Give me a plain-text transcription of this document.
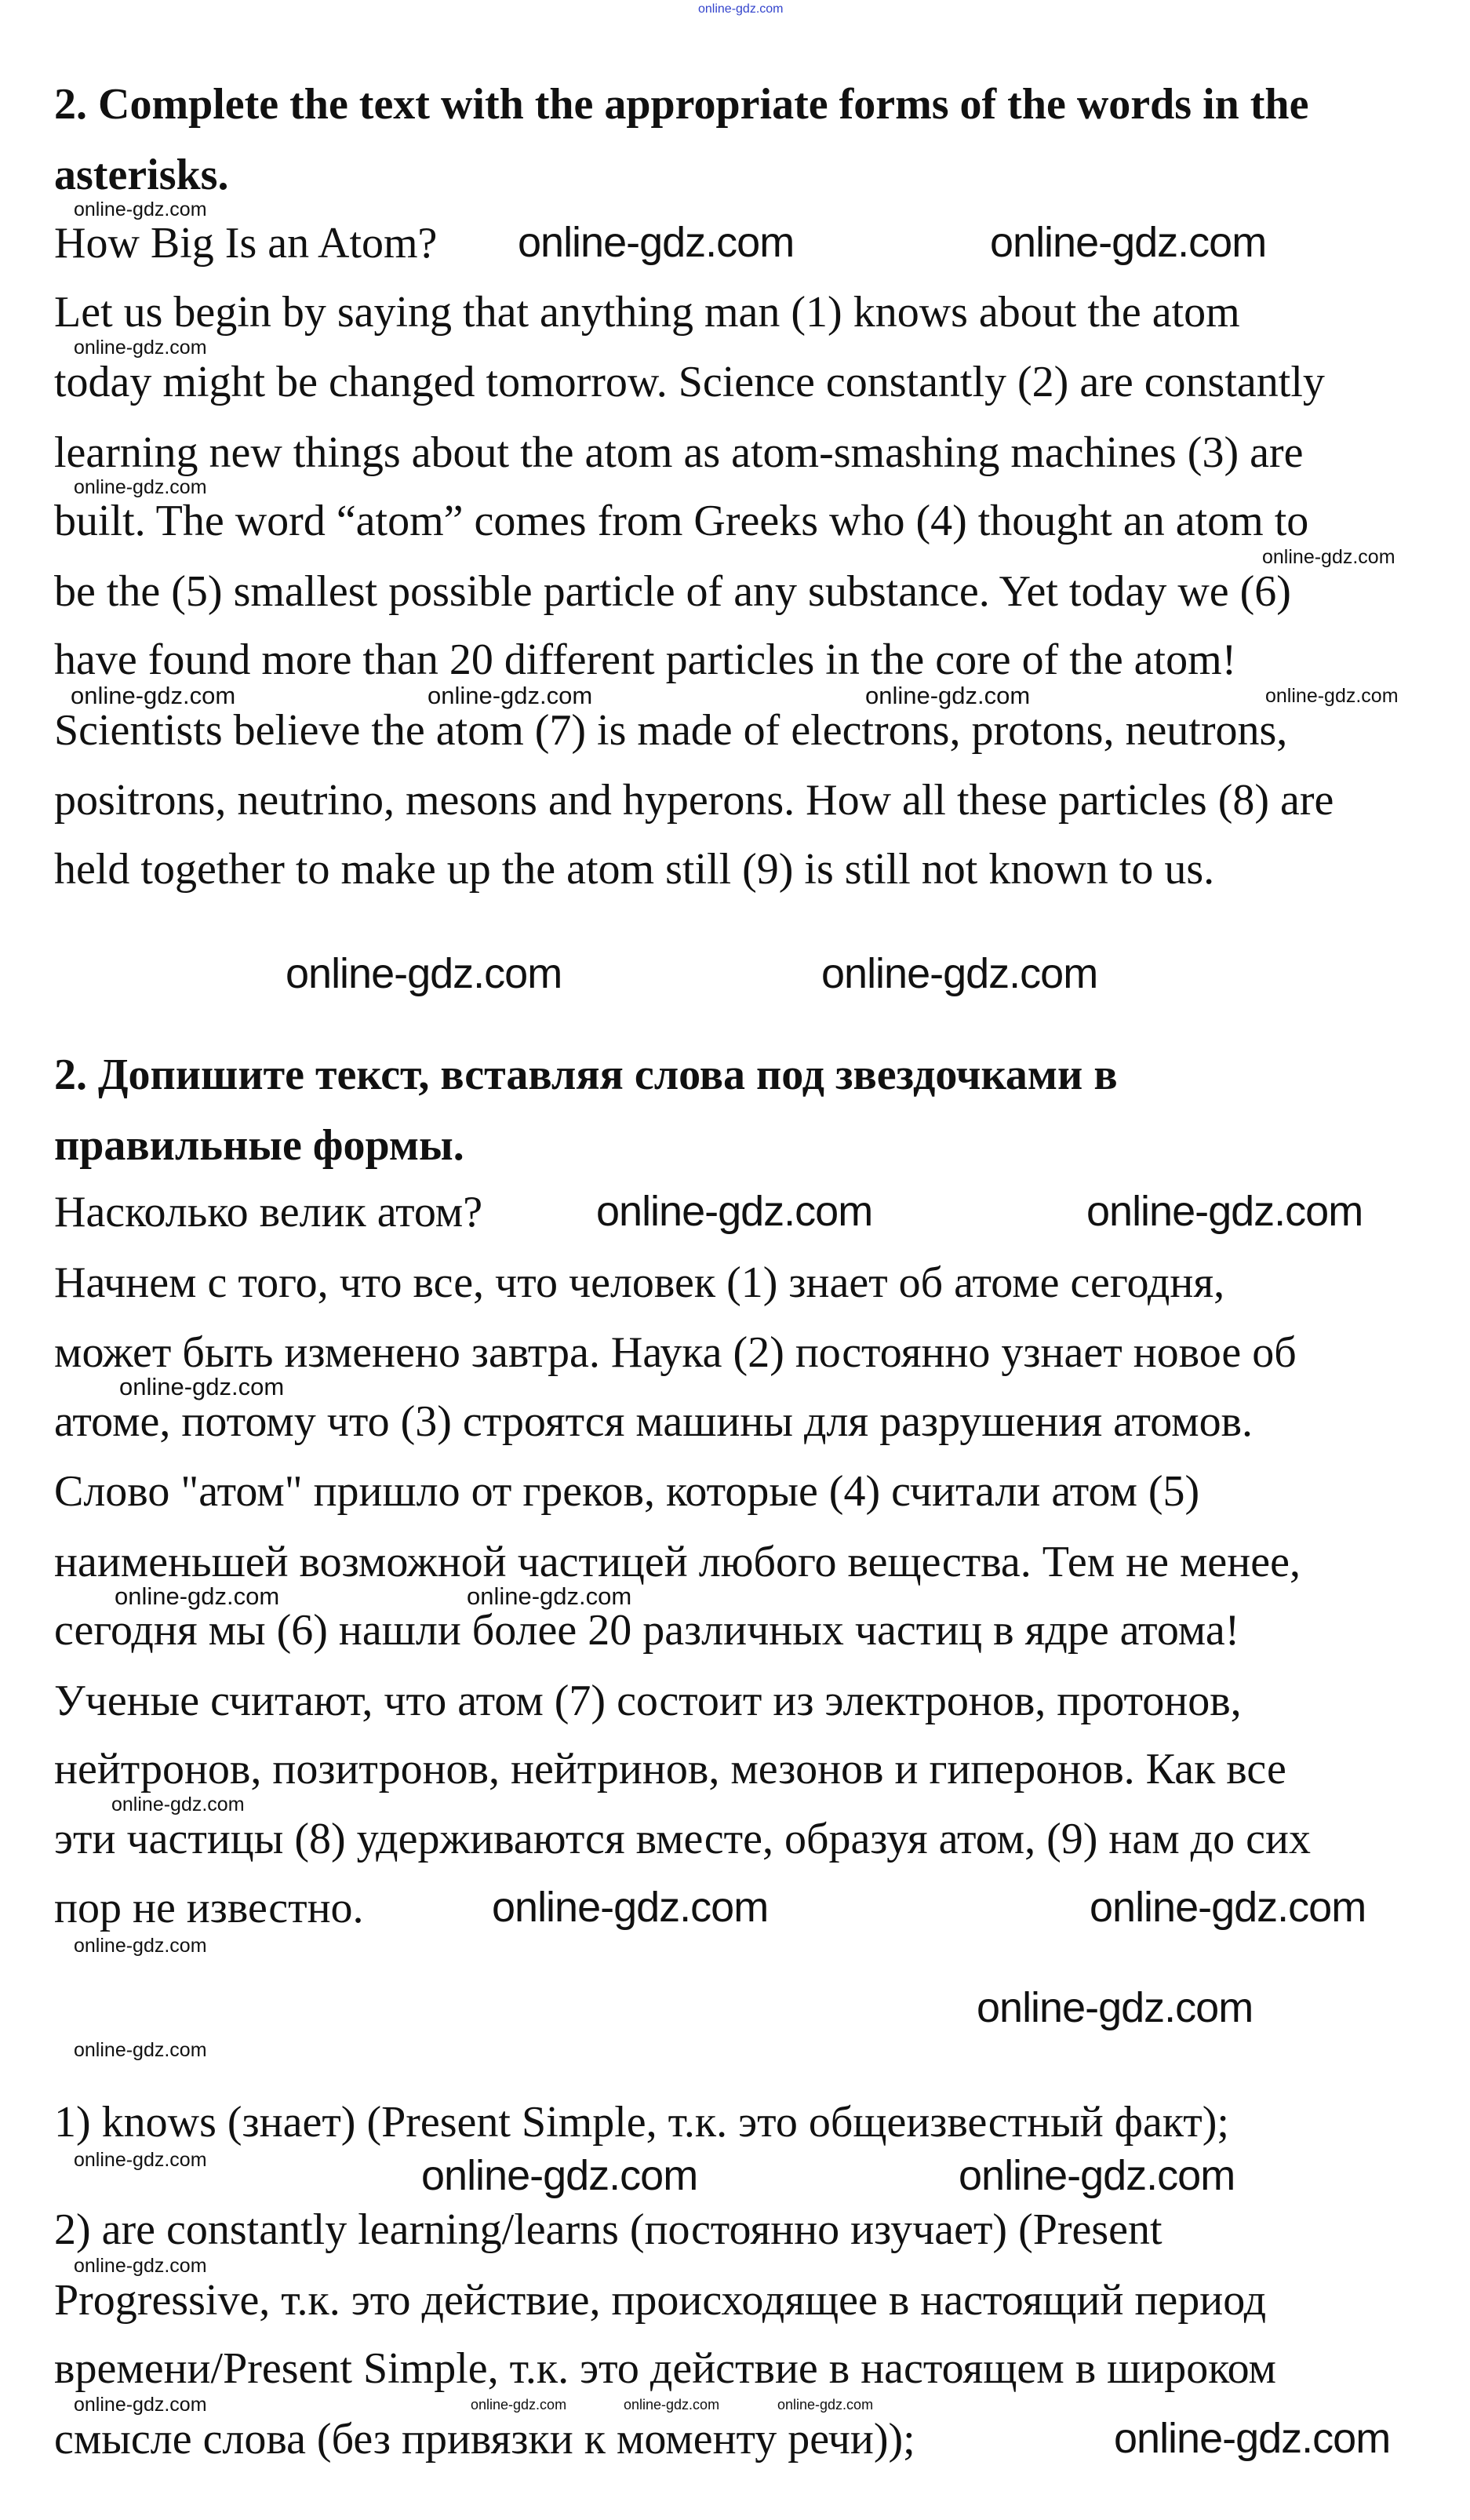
online-gdz.com
2. Complete the text with the appropriate forms of the words in the
asterisks.
How Big Is an Atom?
Let us begin by saying that anything man (1) knows about the atom
today might be changed tomorrow. Science constantly (2) are constantly
learning new things about the atom as atom-smashing machines (3) are
built. The word “atom” comes from Greeks who (4) thought an atom to
be the (5) smallest possible particle of any substance. Yet today we (6)
have found more than 20 different particles in the core of the atom!
Scientists believe the atom (7) is made of electrons, protons, neutrons,
positrons, neutrino, mesons and hyperons. How all these particles (8) are
held together to make up the atom still (9) is still not known to us.
2. Допишите текст, вставляя слова под звездочками в
правильные формы.
Насколько велик атом?
Начнем с того, что все, что человек (1) знает об атоме сегодня,
может быть изменено завтра. Наука (2) постоянно узнает новое об
атоме, потому что (3) строятся машины для разрушения атомов.
Слово "атом" пришло от греков, которые (4) считали атом (5)
наименьшей возможной частицей любого вещества. Тем не менее,
сегодня мы (6) нашли более 20 различных частиц в ядре атома!
Ученые считают, что атом (7) состоит из электронов, протонов,
нейтронов, позитронов, нейтринов, мезонов и гиперонов. Как все
эти частицы (8) удерживаются вместе, образуя атом, (9) нам до сих
пор не известно.
1) knows (знает) (Present Simple, т.к. это общеизвестный факт);
2) are constantly learning/learns (постоянно изучает) (Present
Progressive, т.к. это действие, происходящее в настоящий период
времени/Present Simple, т.к. это действие в настоящем в широком
смысле слова (без привязки к моменту речи));
online-gdz.com
online-gdz.com
online-gdz.com
online-gdz.com
online-gdz.com	online-gdz.com	online-gdz.com	online-gdz.com
online-gdz.com
online-gdz.com	online-gdz.com
online-gdz.com
online-gdz.com
online-gdz.com
online-gdz.com
online-gdz.com
online-gdz.com	online-gdz.com	online-gdz.com	online-gdz.com
online-gdz.com	online-gdz.com
online-gdz.com	online-gdz.com
online-gdz.com	online-gdz.com
online-gdz.com
online-gdz.com	online-gdz.com
online-gdz.com	online-gdz.com
online-gdz.com
